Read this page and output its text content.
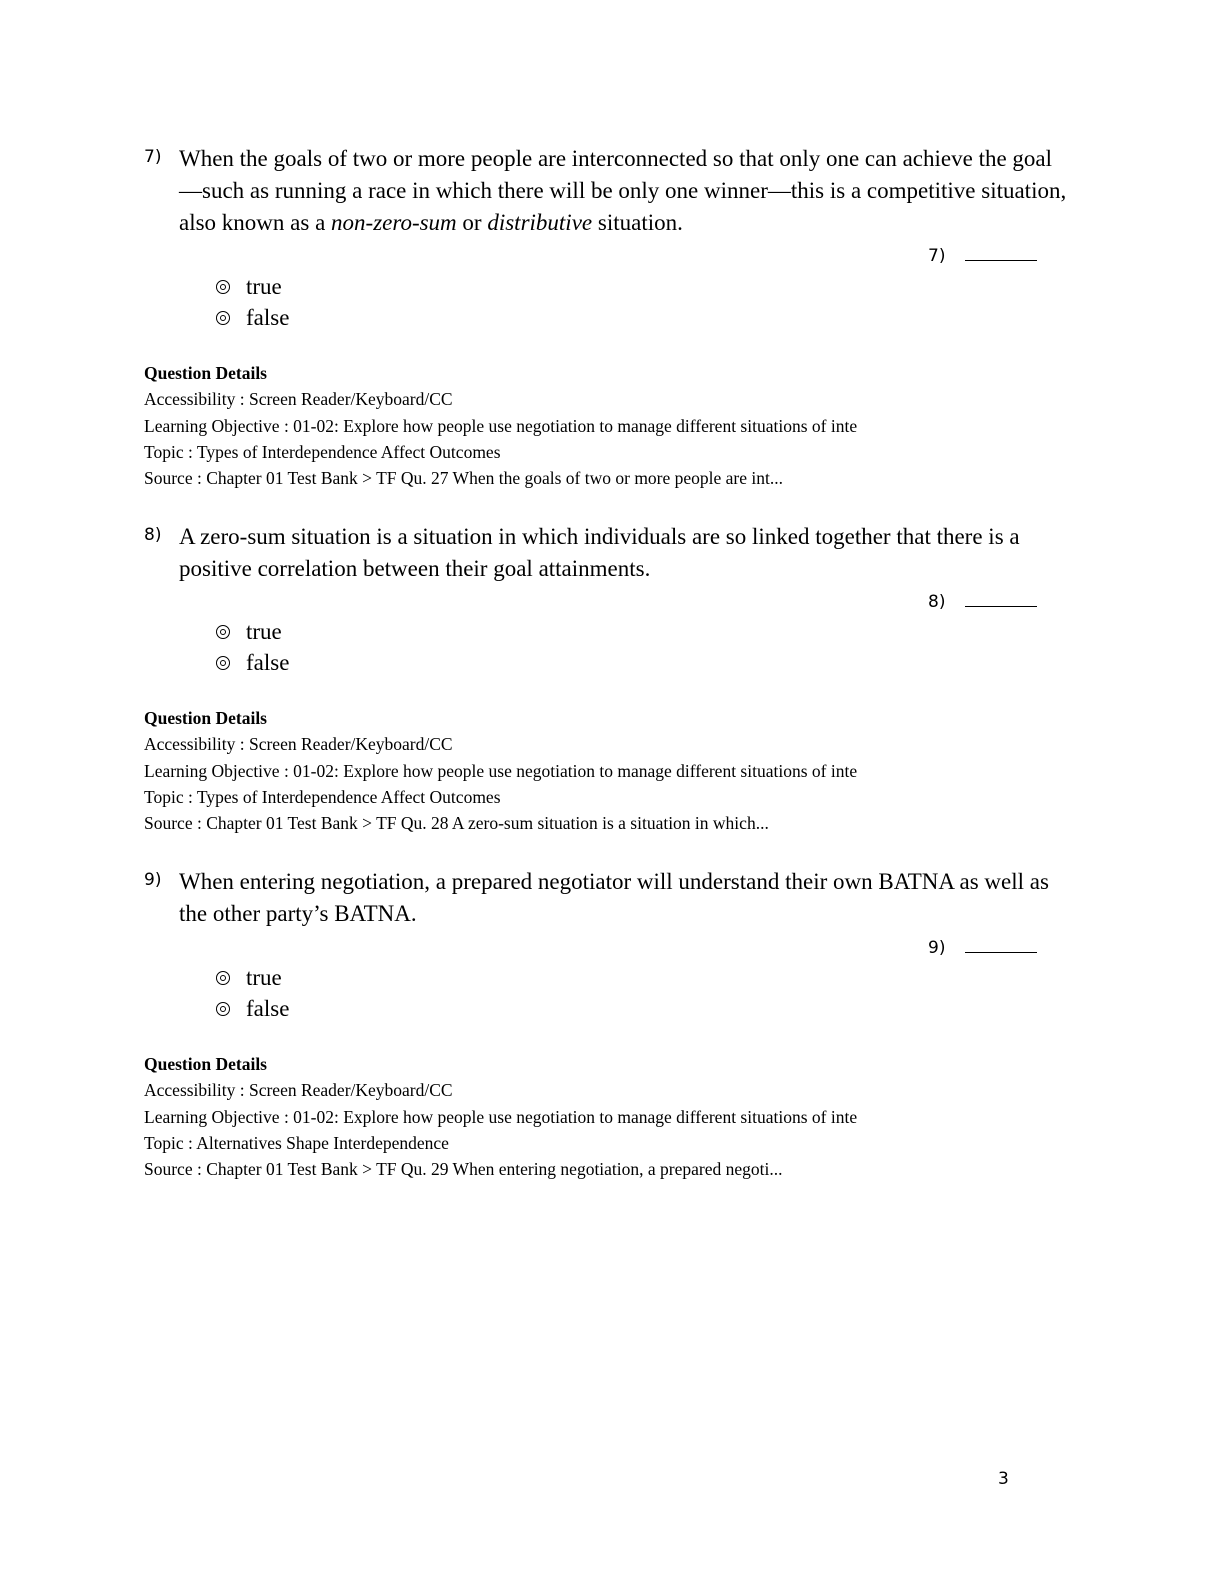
7) When the goals of two or more people are interconnected so that only one can achieve the goal—such as running a race in which there will be only one winner—this is a competitive situation, also known as a non-zero-sum or distributive situation.
7)
true
false
Question Details
Accessibility : Screen Reader/Keyboard/CC
Learning Objective : 01-02: Explore how people use negotiation to manage different situations of inte
Topic : Types of Interdependence Affect Outcomes
Source : Chapter 01 Test Bank > TF Qu. 27 When the goals of two or more people are int...
8) A zero-sum situation is a situation in which individuals are so linked together that there is a positive correlation between their goal attainments.
8)
true
false
Question Details
Accessibility : Screen Reader/Keyboard/CC
Learning Objective : 01-02: Explore how people use negotiation to manage different situations of inte
Topic : Types of Interdependence Affect Outcomes
Source : Chapter 01 Test Bank > TF Qu. 28 A zero-sum situation is a situation in which...
9) When entering negotiation, a prepared negotiator will understand their own BATNA as well as the other party’s BATNA.
9)
true
false
Question Details
Accessibility : Screen Reader/Keyboard/CC
Learning Objective : 01-02: Explore how people use negotiation to manage different situations of inte
Topic : Alternatives Shape Interdependence
Source : Chapter 01 Test Bank > TF Qu. 29 When entering negotiation, a prepared negoti...
3
